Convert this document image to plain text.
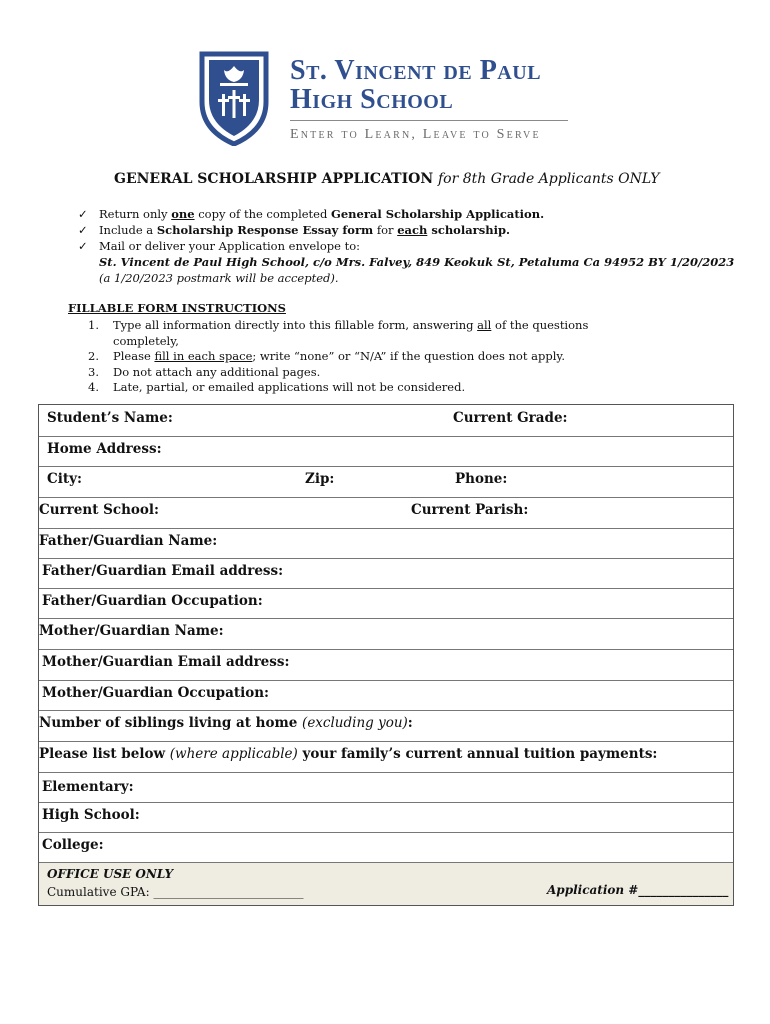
St. Vincent de Paul
High School
Enter to Learn, Leave to Serve
GENERAL SCHOLARSHIP APPLICATION for 8th Grade Applicants ONLY
✓ Return only one copy of the completed General Scholarship Application.
✓ Include a Scholarship Response Essay form for each scholarship.
✓ Mail or deliver your Application envelope to:
St. Vincent de Paul High School, c/o Mrs. Falvey, 849 Keokuk St, Petaluma Ca 94952 BY 1/20/2023
(a 1/20/2023 postmark will be accepted).
FILLABLE FORM INSTRUCTIONS
1. Type all information directly into this fillable form, answering all of the questions
completely,
2. Please fill in each space; write “none” or “N/A” if the question does not apply.
3. Do not attach any additional pages.
4. Late, partial, or emailed applications will not be considered.
Student’s Name:	Current Grade:
Home Address:
City:	Zip:	Phone:
Current School:	Current Parish:
Father/Guardian Name:
Father/Guardian Email address:
Father/Guardian Occupation:
Mother/Guardian Name:
Mother/Guardian Email address:
Mother/Guardian Occupation:
Number of siblings living at home (excluding you):
Please list below (where applicable) your family’s current annual tuition payments:
Elementary:
High School:
College:
OFFICE USE ONLY
Cumulative GPA: _________________________	Application #_______________
